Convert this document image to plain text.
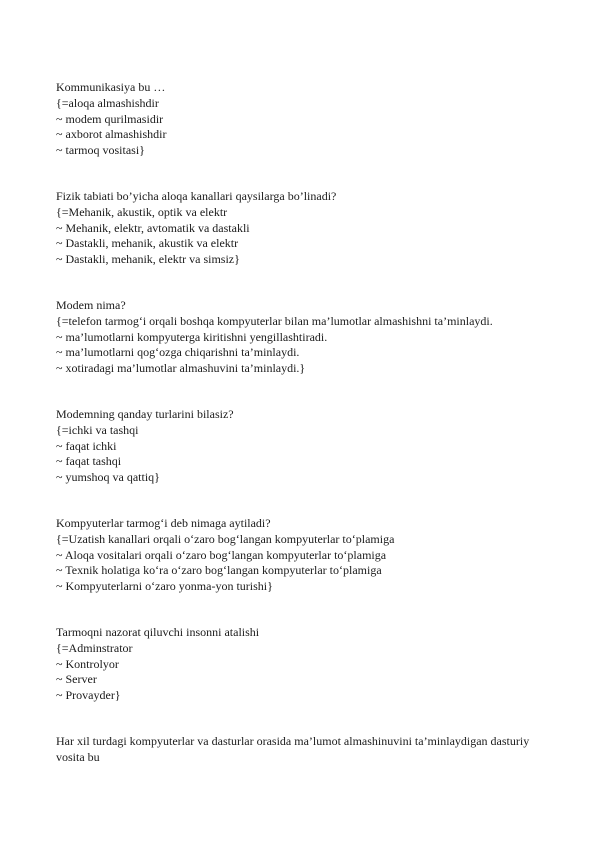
Kommunikasiya bu …
{=aloqa almashishdir
~ modem qurilmasidir
~ axborot almashishdir
~ tarmoq vositasi}
Fizik tabiati bo’yicha aloqa kanallari qaysilarga bo’linadi?
{=Mehanik, akustik, optik va elektr
~ Mehanik, elektr, avtomatik va dastakli
~ Dastakli, mehanik, akustik va elektr
~ Dastakli, mehanik, elektr va simsiz}
Modem nima?
{=telefon tarmog‘i orqali boshqa kompyuterlar bilan ma’lumotlar almashishni ta’minlaydi.
~ ma’lumotlarni kompyuterga kiritishni yengillashtiradi.
~ ma’lumotlarni qog‘ozga chiqarishni ta’minlaydi.
~ xotiradagi ma’lumotlar almashuvini ta’minlaydi.}
Modemning qanday turlarini bilasiz?
{=ichki va tashqi
~ faqat ichki
~ faqat tashqi
~ yumshoq va qattiq}
Kompyuterlar tarmog‘i deb nimaga aytiladi?
{=Uzatish kanallari orqali o‘zaro bog‘langan kompyuterlar to‘plamiga
~ Aloqa vositalari orqali o‘zaro bog‘langan kompyuterlar to‘plamiga
~ Texnik holatiga ko‘ra o‘zaro bog‘langan kompyuterlar to‘plamiga
~ Kompyuterlarni o‘zaro yonma-yon turishi}
Tarmoqni nazorat qiluvchi insonni atalishi
{=Adminstrator
~ Kontrolyor
~ Server
~ Provayder}
Har xil turdagi kompyuterlar va dasturlar orasida ma’lumot almashinuvini ta’minlaydigan dasturiy vosita bu
